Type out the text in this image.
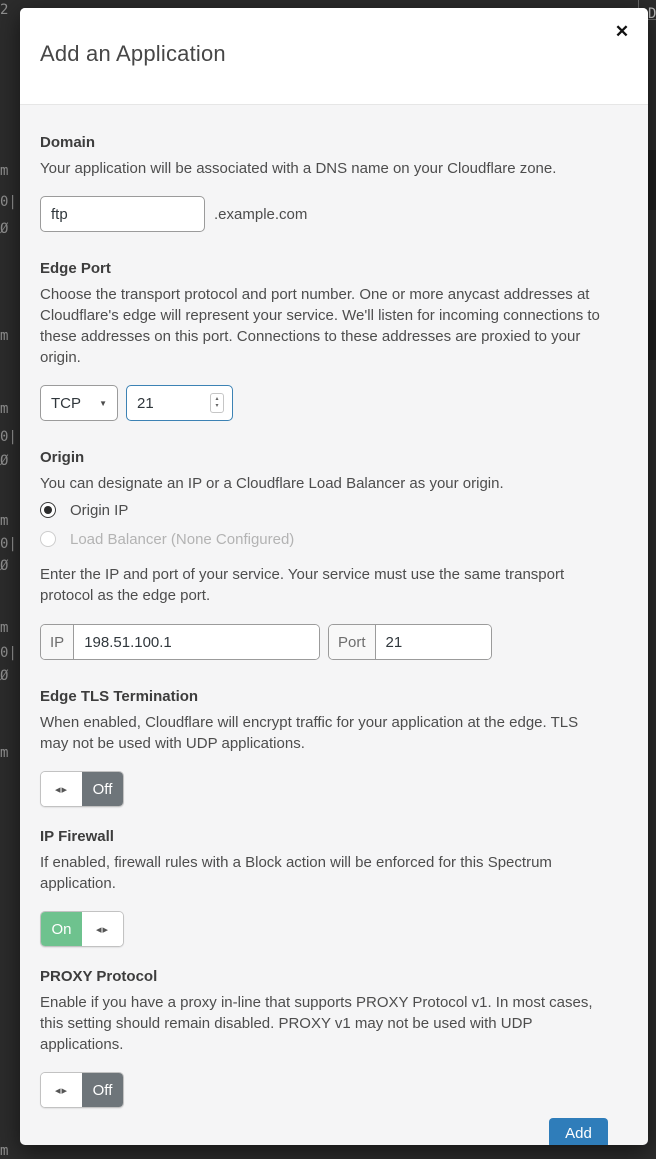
2
m
0|
Ø
m
m
0|
Ø
m
0|
Ø
m
0|
Ø
m
m
D
Add an Application
✕
Domain
Your application will be associated with a DNS name on your Cloudflare zone.
ftp
.example.com
Edge Port
Choose the transport protocol and port number. One or more anycast addresses at Cloudflare's edge will represent your service. We'll listen for incoming connections to these addresses on this port. Connections to these addresses are proxied to your origin.
TCP ▼
21	▴
▾
Origin
You can designate an IP or a Cloudflare Load Balancer as your origin.
Origin IP
Load Balancer (None Configured)
Enter the IP and port of your service. Your service must use the same transport protocol as the edge port.
IP
198.51.100.1	Port
21
Edge TLS Termination
When enabled, Cloudflare will encrypt traffic for your application at the edge. TLS may not be used with UDP applications.
◂▸	Off
IP Firewall
If enabled, firewall rules with a Block action will be enforced for this Spectrum application.
On	◂▸
PROXY Protocol
Enable if you have a proxy in-line that supports PROXY Protocol v1. In most cases, this setting should remain disabled. PROXY v1 may not be used with UDP applications.
◂▸	Off
Add
